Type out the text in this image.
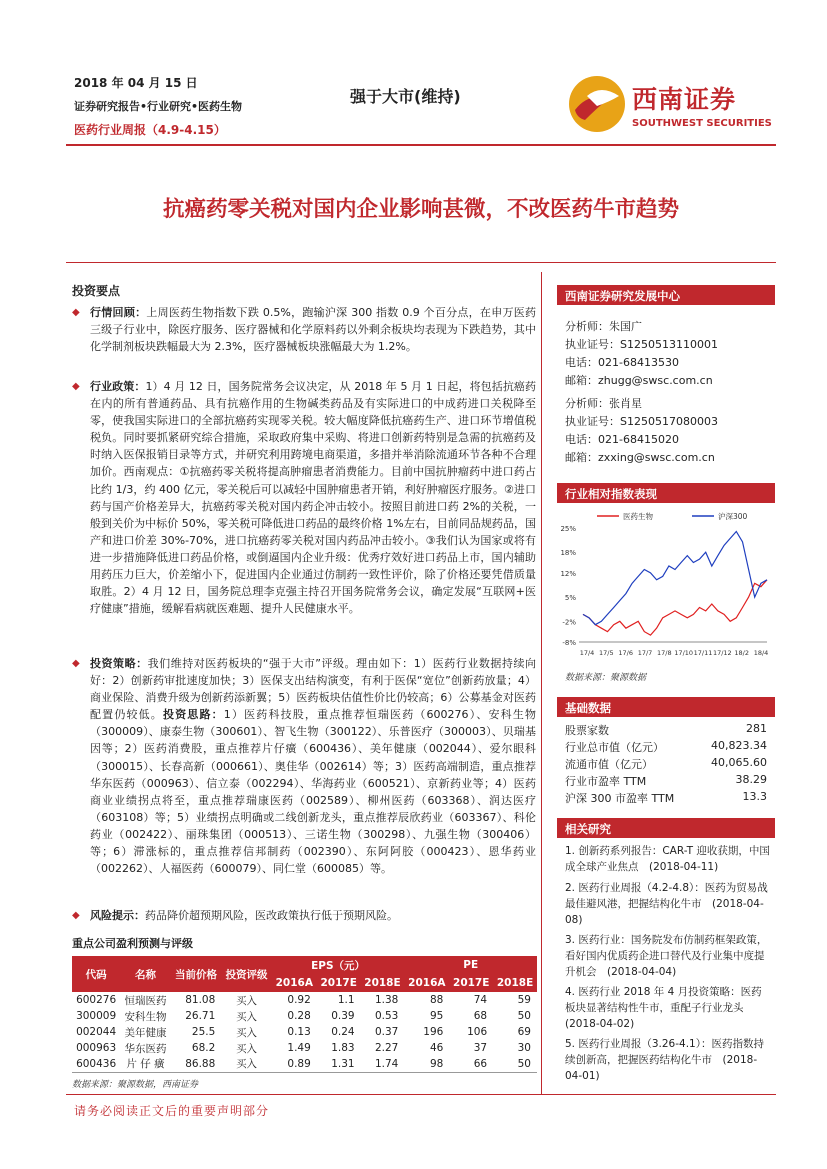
2018 年 04 月 15 日
证券研究报告•行业研究•医药生物
医药行业周报（4.9-4.15）
强于大市(维持)	西南证券
SOUTHWEST SECURITIES
抗癌药零关税对国内企业影响甚微，不改医药牛市趋势
投资要点
◆ 行情回顾：上周医药生物指数下跌 0.5%，跑输沪深 300 指数 0.9 个百分点，在申万医药三级子行业中，除医疗服务、医疗器械和化学原料药以外剩余板块均表现为下跌趋势，其中化学制剂板块跌幅最大为 2.3%，医疗器械板块涨幅最大为 1.2%。
◆ 行业政策：1）4 月 12 日，国务院常务会议决定，从 2018 年 5 月 1 日起，将包括抗癌药在内的所有普通药品、具有抗癌作用的生物碱类药品及有实际进口的中成药进口关税降至零，使我国实际进口的全部抗癌药实现零关税。较大幅度降低抗癌药生产、进口环节增值税税负。同时要抓紧研究综合措施，采取政府集中采购、将进口创新药特别是急需的抗癌药及时纳入医保报销目录等方式，并研究利用跨境电商渠道，多措并举消除流通环节各种不合理加价。西南观点：①抗癌药零关税将提高肿瘤患者消费能力。目前中国抗肿瘤药中进口药占比约 1/3，约 400 亿元，零关税后可以减轻中国肿瘤患者开销，利好肿瘤医疗服务。②进口药与国产价格差异大，抗癌药零关税对国内药企冲击较小。按照目前进口药 2%的关税，一般到关价为中标价 50%，零关税可降低进口药品的最终价格 1%左右，目前同品规药品，国产和进口价差 30%-70%，进口抗癌药零关税对国内药品冲击较小。③我们认为国家或将有进一步措施降低进口药品价格，或倒逼国内企业升级：优秀疗效好进口药品上市，国内辅助用药压力巨大，价差缩小下，促进国内企业通过仿制药一致性评价，除了价格还要凭借质量取胜。2）4 月 12 日，国务院总理李克强主持召开国务院常务会议，确定发展“互联网+医疗健康”措施，缓解看病就医难题、提升人民健康水平。
◆ 投资策略：我们维持对医药板块的“强于大市”评级。理由如下：1）医药行业数据持续向好：2）创新药审批速度加快；3）医保支出结构演变，有利于医保“宽位”创新药放量；4）商业保险、消费升级为创新药添新翼；5）医药板块估值性价比仍较高；6）公募基金对医药配置仍较低。投资思路：1）医药科技股，重点推荐恒瑞医药（600276）、安科生物（300009）、康泰生物（300601）、智飞生物（300122）、乐普医疗（300003）、贝瑞基因等；2）医药消费股，重点推荐片仔癀（600436）、美年健康（002044）、爱尔眼科（300015）、长春高新（000661）、奥佳华（002614）等；3）医药高端制造，重点推荐华东医药（000963）、信立泰（002294）、华海药业（600521）、京新药业等；4）医药商业业绩拐点将至，重点推荐瑞康医药（002589）、柳州医药（603368）、润达医疗（603108）等；5）业绩拐点明确或二线创新龙头，重点推荐辰欣药业（603367）、科伦药业（002422）、丽珠集团（000513）、三诺生物（300298）、九强生物（300406）等；6）滞涨标的，重点推荐信邦制药（002390）、东阿阿胶（000423）、恩华药业（002262）、人福医药（600079）、同仁堂（600085）等。
◆ 风险提示：药品降价超预期风险，医改政策执行低于预期风险。
重点公司盈利预测与评级
代码	名称	当前价格	投资评级	EPS（元）			PE		
				2016A	2017E	2018E	2016A	2017E	2018E
600276	恒瑞医药	81.08	买入	0.92	1.1	1.38	88	74	59
300009	安科生物	26.71	买入	0.28	0.39	0.53	95	68	50
002044	美年健康	25.5	买入	0.13	0.24	0.37	196	106	69
000963	华东医药	68.2	买入	1.49	1.83	2.27	46	37	30
600436	片 仔 癀	86.88	买入	0.89	1.31	1.74	98	66	50
数据来源：聚源数据，西南证券
西南证券研究发展中心
分析师：朱国广
执业证号：S1250513110001
电话：021-68413530
邮箱：zhugg@swsc.com.cn
分析师：张肖星
执业证号：S1250517080003
电话：021-68415020
邮箱：zxxing@swsc.com.cn
行业相对指数表现
25%
18%
12%
5%
-2%
-8%
17/4 17/5 17/6 17/7 17/8 17/10 17/11 17/12 18/2 18/4
医药生物	沪深300
数据来源：聚源数据
基础数据
股票家数	281
行业总市值（亿元）	40,823.34
流通市值（亿元）	40,065.60
行业市盈率 TTM	38.29
沪深 300 市盈率 TTM	13.3
相关研究
1. 创新药系列报告：CAR-T 迎收获期，中国成全球产业焦点　(2018-04-11)
2. 医药行业周报（4.2-4.8）：医药为贸易战最佳避风港，把握结构化牛市　(2018-04-08)
3. 医药行业：国务院发布仿制药框架政策，看好国内优质药企进口替代及行业集中度提升机会　(2018-04-04)
4. 医药行业 2018 年 4 月投资策略：医药板块显著结构性牛市，重配子行业龙头　(2018-04-02)
5. 医药行业周报（3.26-4.1）：医药指数持续创新高，把握医药结构化牛市　(2018-04-01)
请务必阅读正文后的重要声明部分
